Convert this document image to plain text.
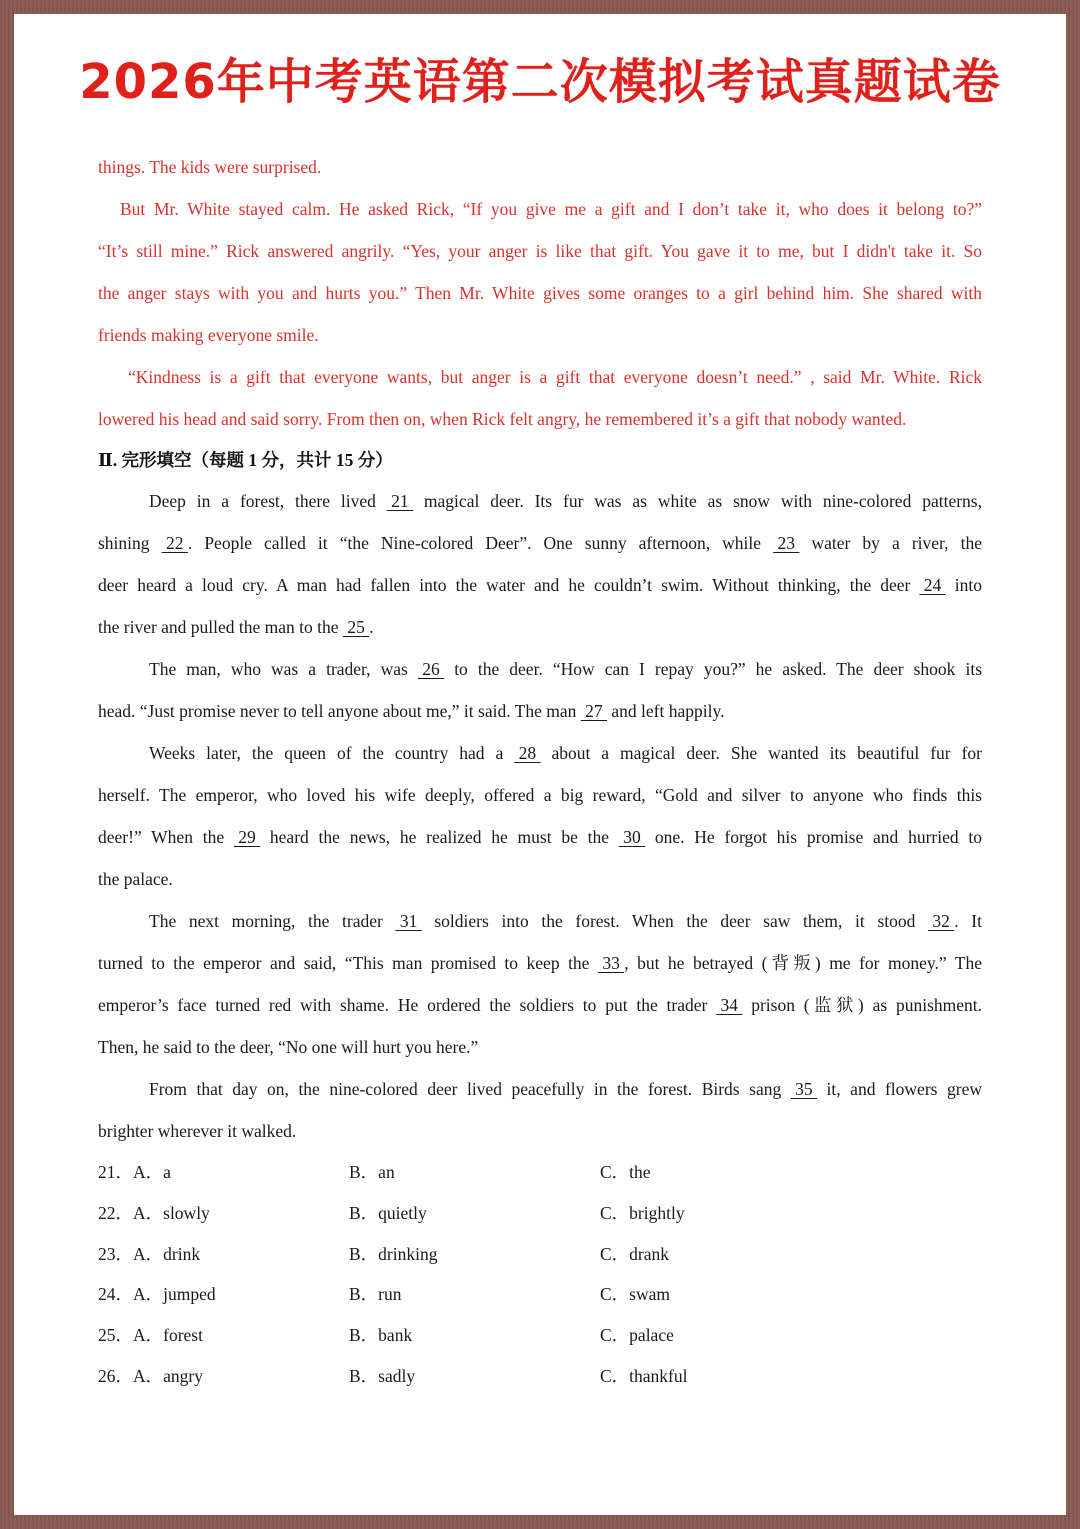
2026年中考英语第二次模拟考试真题试卷

things. The kids were surprised.

But Mr. White stayed calm. He asked Rick, “If you give me a gift and I don’t take it, who does it belong to?”

“It’s still mine.” Rick answered angrily. “Yes, your anger is like that gift. You gave it to me, but I didn't take it. So

the anger stays with you and hurts you.” Then Mr. White gives some oranges to a girl behind him. She shared with

friends making everyone smile.

“Kindness is a gift that everyone wants, but anger is a gift that everyone doesn’t need.” , said Mr. White. Rick

lowered his head and said sorry. From then on, when Rick felt angry, he remembered it’s a gift that nobody wanted.

Ⅱ. 完形填空（每题 1 分，共计 15 分）

Deep in a forest, there lived  21  magical deer. Its fur was as white as snow with nine-colored patterns,

shining  22 . People called it “the Nine-colored Deer”. One sunny afternoon, while  23  water by a river, the

deer heard a loud cry. A man had fallen into the water and he couldn’t swim. Without thinking, the deer  24  into

the river and pulled the man to the  25 .

The man, who was a trader, was  26  to the deer. “How can I repay you?” he asked. The deer shook its

head. “Just promise never to tell anyone about me,” it said. The man  27  and left happily.

Weeks later, the queen of the country had a  28  about a magical deer. She wanted its beautiful fur for

herself. The emperor, who loved his wife deeply, offered a big reward, “Gold and silver to anyone who finds this

deer!” When the  29  heard the news, he realized he must be the  30  one. He forgot his promise and hurried to

the palace.

The next morning, the trader  31  soldiers into the forest. When the deer saw them, it stood  32 . It

turned to the emperor and said, “This man promised to keep the  33 , but he betrayed (背叛) me for money.” The

emperor’s face turned red with shame. He ordered the soldiers to put the trader  34  prison (监狱) as punishment.

Then, he said to the deer, “No one will hurt you here.”

From that day on, the nine-colored deer lived peacefully in the forest. Birds sang  35  it, and flowers grew

brighter wherever it walked.

21．A．a	B．an	C．the
22．A．slowly	B．quietly	C．brightly
23．A．drink	B．drinking	C．drank
24．A．jumped	B．run	C．swam
25．A．forest	B．bank	C．palace
26．A．angry	B．sadly	C．thankful
